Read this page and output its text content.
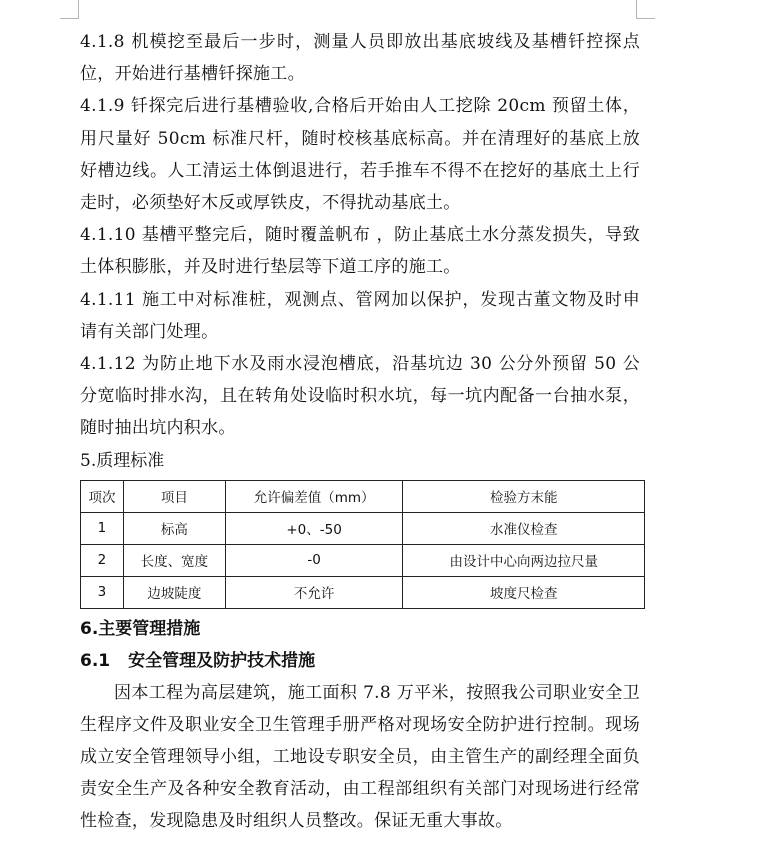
4.1.8 机模挖至最后一步时，测量人员即放出基底坡线及基槽钎控探点位，开始进行基槽钎探施工。

4.1.9 钎探完后进行基槽验收,合格后开始由人工挖除 20cm 预留土体，用尺量好 50cm 标准尺杆，随时校核基底标高。并在清理好的基底上放好槽边线。人工清运土体倒退进行，若手推车不得不在挖好的基底土上行走时，必须垫好木反或厚铁皮，不得扰动基底土。

4.1.10 基槽平整完后，随时覆盖帆布 ，防止基底土水分蒸发损失，导致土体积膨胀，并及时进行垫层等下道工序的施工。

4.1.11 施工中对标准桩，观测点、管网加以保护，发现古董文物及时申请有关部门处理。

4.1.12 为防止地下水及雨水浸泡槽底，沿基坑边 30 公分外预留 50 公分宽临时排水沟，且在转角处设临时积水坑，每一坑内配备一台抽水泵，随时抽出坑内积水。

5.质理标准

项次	项目	允许偏差值（mm）	检验方末能
1	标高	+0、-50	水准仪检查
2	长度、宽度	-0	由设计中心向两边拉尺量
3	边坡陡度	不允许	坡度尺检查

6.主要管理措施

6.1 安全管理及防护技术措施

因本工程为高层建筑，施工面积 7.8 万平米，按照我公司职业安全卫生程序文件及职业安全卫生管理手册严格对现场安全防护进行控制。现场成立安全管理领导小组，工地设专职安全员，由主管生产的副经理全面负责安全生产及各种安全教育活动，由工程部组织有关部门对现场进行经常性检查，发现隐患及时组织人员整改。保证无重大事故。
